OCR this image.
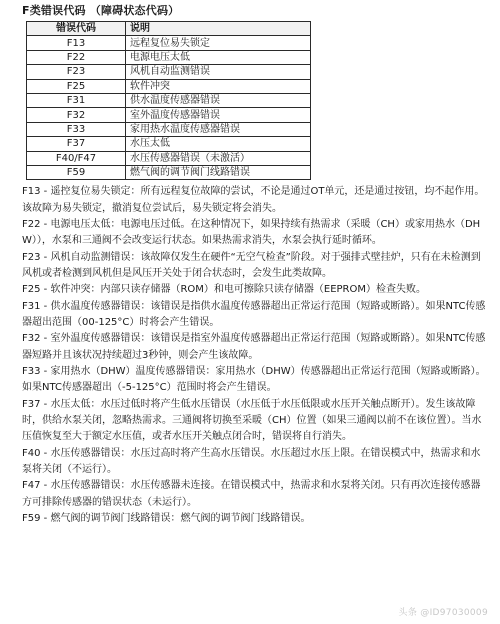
F类错误代码 （障碍状态代码）
错误代码	说明
F13	远程复位易失锁定
F22	电源电压太低
F23	风机自动监测错误
F25	软件冲突
F31	供水温度传感器错误
F32	室外温度传感器错误
F33	家用热水温度传感器错误
F37	水压太低
F40/F47	水压传感器错误（未激活）
F59	燃气阀的调节阀门线路错误

F13 - 遥控复位易失锁定：所有远程复位故障的尝试，不论是通过OT单元，还是通过按钮，均不起作用。该故障为易失锁定，撤消复位尝试后，易失锁定将会消失。

F22 - 电源电压太低：电源电压过低。在这种情况下，如果持续有热需求（采暖（CH）或家用热水（DHW）），水泵和三通阀不会改变运行状态。如果热需求消失，水泵会执行延时循环。

F23 - 风机自动监测错误：该故障仅发生在硬件“无空气检查”阶段。对于强排式壁挂炉，只有在未检测到风机或者检测到风机但是风压开关处于闭合状态时，会发生此类故障。

F25 - 软件冲突：内部只读存储器（ROM）和电可擦除只读存储器（EEPROM）检查失败。

F31 - 供水温度传感器错误：该错误是指供水温度传感器超出正常运行范围（短路或断路）。如果NTC传感器超出范围（00-125°C）时将会产生错误。

F32 - 室外温度传感器错误：该错误是指室外温度传感器超出正常运行范围（短路或断路）。如果NTC传感器短路并且该状况持续超过3秒钟，则会产生该故障。

F33 - 家用热水（DHW）温度传感器错误：家用热水（DHW）传感器超出正常运行范围（短路或断路）。如果NTC传感器超出（-5-125°C）范围时将会产生错误。

F37 - 水压太低：水压过低时将产生低水压错误（水压低于水压低限或水压开关触点断开）。发生该故障时，供给水泵关闭，忽略热需求。三通阀将切换至采暖（CH）位置（如果三通阀以前不在该位置）。当水压值恢复至大于额定水压值，或者水压开关触点闭合时，错误将自行消失。

F40 - 水压传感器错误：水压过高时将产生高水压错误。水压超过水压上限。在错误模式中，热需求和水泵将关闭（不运行）。

F47 - 水压传感器错误：水压传感器未连接。在错误模式中，热需求和水泵将关闭。只有再次连接传感器方可排除传感器的错误状态（未运行）。

F59 - 燃气阀的调节阀门线路错误：燃气阀的调节阀门线路错误。

头条 @ID97030009
